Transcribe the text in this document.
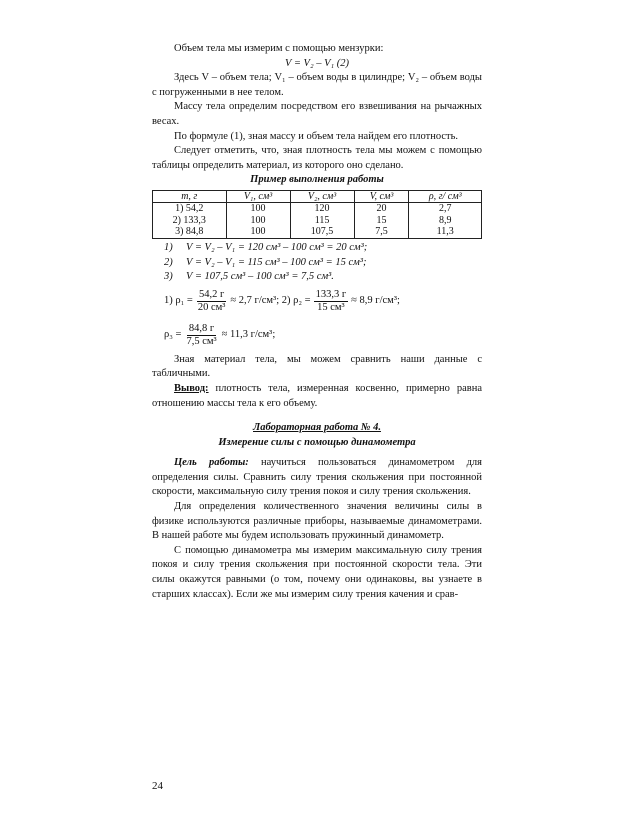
Объем тела мы измерим с помощью мензурки:

V = V₂ – V₁ (2)

Здесь V – объем тела; V₁ – объем воды в цилиндре; V₂ – объем воды с погруженными в нее телом.

Массу тела определим посредством его взвешивания на рычажных весах.

По формуле (1), зная массу и объем тела найдем его плотность.

Следует отметить, что, зная плотность тела мы можем с помощью таблицы определить материал, из которого оно сделано.

Пример выполнения работы

m, г	V₁, см³	V₂, см³	V, см³	ρ, г/ см³
1) 54,2	100	120	20	2,7
2) 133,3	100	115	15	8,9
3) 84,8	100	107,5	7,5	11,3
1)	V = V₂ – V₁ = 120 см³ – 100 см³ = 20 см³;
2)	V = V₂ – V₁ = 115 см³ – 100 см³ = 15 см³;
3)	V = 107,5 см³ – 100 см³ = 7,5 см³.
1) $\rho_1 = \frac{54,2 г}{\text{20 см³}} \approx 2,7$ г/см³; 2) $\rho_2 = \frac{133,3 г}{\text{15 см³}} \approx 8,9$ г/см³;
$\rho_3 = \frac{84,8 г}{\text{7,5 см³}} \approx 11,3$ г/см³;

Зная материал тела, мы можем сравнить наши данные с табличными.

Вывод: плотность тела, измеренная косвенно, примерно равна отношению массы тела к его объему.

Лабораторная работа № 4.

Измерение силы с помощью динамометра

Цель работы: научиться пользоваться динамометром для определения силы. Сравнить силу трения скольжения при постоянной скорости, максимальную силу трения покоя и силу трения скольжения.

Для определения количественного значения величины силы в физике используются различные приборы, называемые динамометрами. В нашей работе мы будем использовать пружинный динамометр.

С помощью динамометра мы измерим максимальную силу трения покоя и силу трения скольжения при постоянной скорости тела. Эти силы окажутся равными (о том, почему они одинаковы, вы узнаете в старших классах). Если же мы измерим силу трения качения и срав-

24
